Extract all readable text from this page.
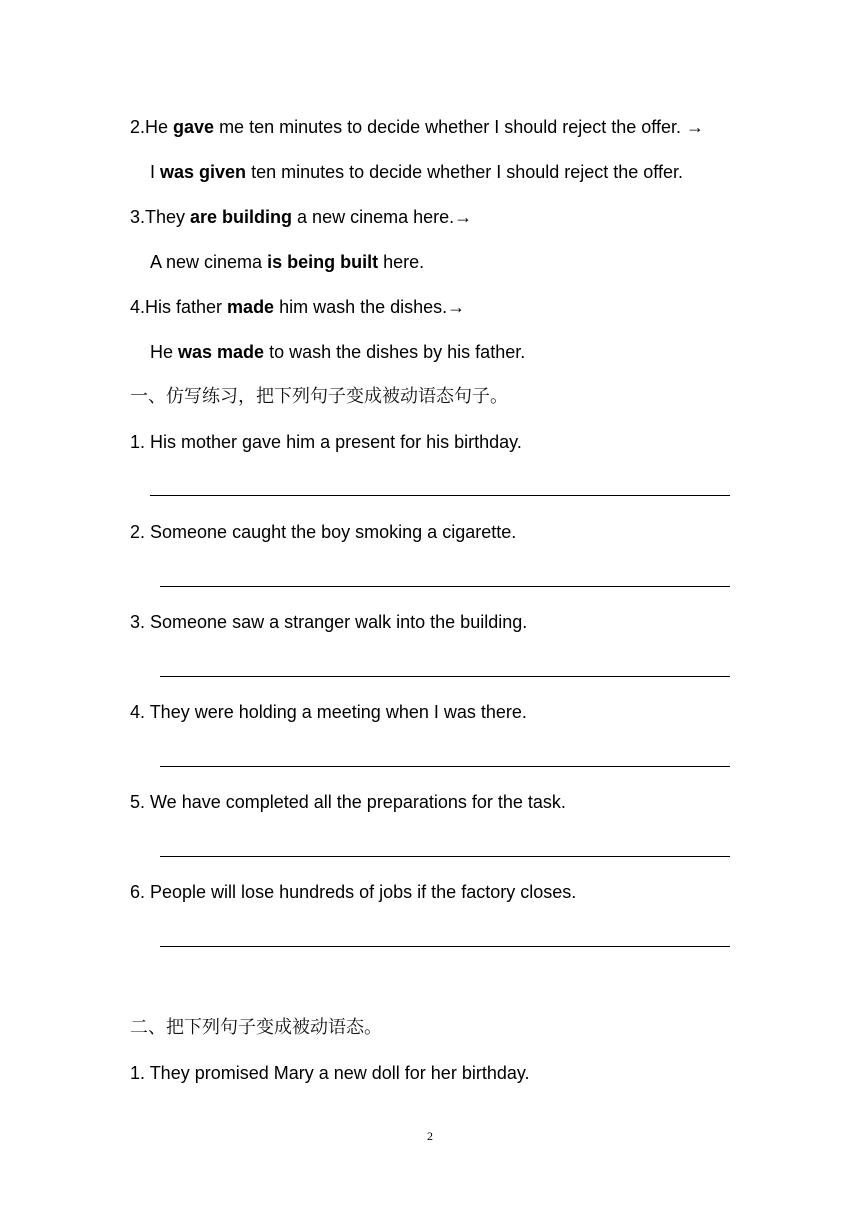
2.He gave me ten minutes to decide whether I should reject the offer. →
I was given ten minutes to decide whether I should reject the offer.
3.They are building a new cinema here.→
A new cinema is being built here.
4.His father made him wash the dishes.→
He was made to wash the dishes by his father.
一、仿写练习，把下列句子变成被动语态句子。
1. His mother gave him a present for his birthday.
2. Someone caught the boy smoking a cigarette.
3. Someone saw a stranger walk into the building.
4. They were holding a meeting when I was there.
5. We have completed all the preparations for the task.
6. People will lose hundreds of jobs if the factory closes.
二、把下列句子变成被动语态。
1. They promised Mary a new doll for her birthday.
2
